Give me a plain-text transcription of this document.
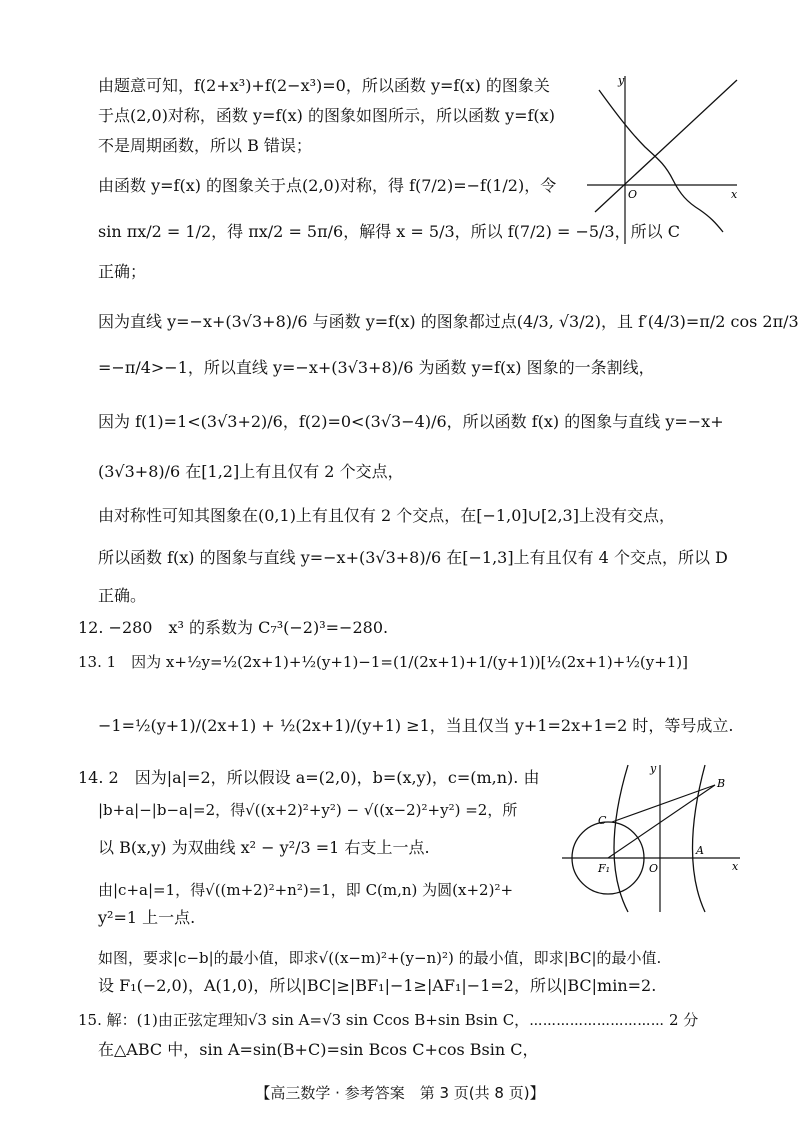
y
x
O
y
x
O
B
C
A
F₁
由题意可知，f(2+x³)+f(2−x³)=0，所以函数 y=f(x) 的图象关
于点(2,0)对称，函数 y=f(x) 的图象如图所示，所以函数 y=f(x)
不是周期函数，所以 B 错误；
由函数 y=f(x) 的图象关于点(2,0)对称，得 f(7/2)=−f(1/2)，令
sin πx/2 = 1/2，得 πx/2 = 5π/6，解得 x = 5/3，所以 f(7/2) = −5/3，所以 C
正确；
因为直线 y=−x+(3√3+8)/6 与函数 y=f(x) 的图象都过点(4/3, √3/2)，且 f′(4/3)=π/2 cos 2π/3
=−π/4>−1，所以直线 y=−x+(3√3+8)/6 为函数 y=f(x) 图象的一条割线，
因为 f(1)=1<(3√3+2)/6，f(2)=0<(3√3−4)/6，所以函数 f(x) 的图象与直线 y=−x+
(3√3+8)/6 在[1,2]上有且仅有 2 个交点，
由对称性可知其图象在(0,1)上有且仅有 2 个交点，在[−1,0]∪[2,3]上没有交点，
所以函数 f(x) 的图象与直线 y=−x+(3√3+8)/6 在[−1,3]上有且仅有 4 个交点，所以 D
正确。
12. −280　x³ 的系数为 C₇³(−2)³=−280.
13. 1　因为 x+½y=½(2x+1)+½(y+1)−1=(1/(2x+1)+1/(y+1))[½(2x+1)+½(y+1)]
−1=½(y+1)/(2x+1) + ½(2x+1)/(y+1) ≥1，当且仅当 y+1=2x+1=2 时，等号成立.
14. 2　因为|a|=2，所以假设 a=(2,0)，b=(x,y)，c=(m,n). 由
|b+a|−|b−a|=2，得√((x+2)²+y²) − √((x−2)²+y²) =2，所
以 B(x,y) 为双曲线 x² − y²/3 =1 右支上一点.
由|c+a|=1，得√((m+2)²+n²)=1，即 C(m,n) 为圆(x+2)²+
y²=1 上一点.
如图，要求|c−b|的最小值，即求√((x−m)²+(y−n)²) 的最小值，即求|BC|的最小值.
设 F₁(−2,0)，A(1,0)，所以|BC|≥|BF₁|−1≥|AF₁|−1=2，所以|BC|min=2.
15. 解：(1)由正弦定理知√3 sin A=√3 sin Ccos B+sin Bsin C，⋯⋯⋯⋯⋯⋯⋯⋯⋯⋯ 2 分
在△ABC 中，sin A=sin(B+C)=sin Bcos C+cos Bsin C，
【高三数学 · 参考答案　第 3 页(共 8 页)】
